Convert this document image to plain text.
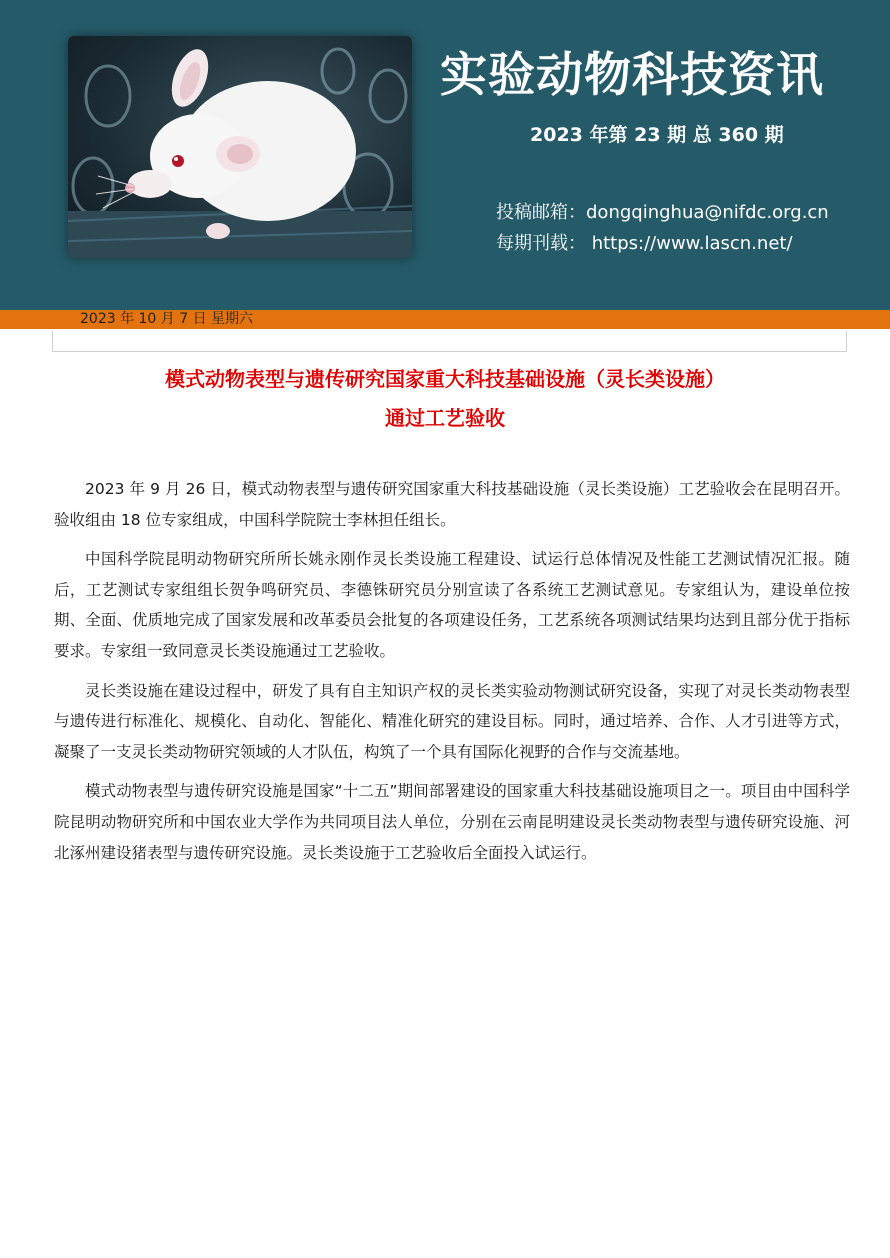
实验动物科技资讯
2023 年第 23 期 总 360 期
投稿邮箱：dongqinghua@nifdc.org.cn
每期刊载： https://www.lascn.net/
2023 年 10 月 7 日 星期六
模式动物表型与遗传研究国家重大科技基础设施（灵长类设施）
通过工艺验收

2023 年 9 月 26 日，模式动物表型与遗传研究国家重大科技基础设施（灵长类设施）工艺验收会在昆明召开。验收组由 18 位专家组成，中国科学院院士李林担任组长。

中国科学院昆明动物研究所所长姚永刚作灵长类设施工程建设、试运行总体情况及性能工艺测试情况汇报。随后，工艺测试专家组组长贺争鸣研究员、李德铢研究员分别宣读了各系统工艺测试意见。专家组认为，建设单位按期、全面、优质地完成了国家发展和改革委员会批复的各项建设任务，工艺系统各项测试结果均达到且部分优于指标要求。专家组一致同意灵长类设施通过工艺验收。

灵长类设施在建设过程中，研发了具有自主知识产权的灵长类实验动物测试研究设备，实现了对灵长类动物表型与遗传进行标准化、规模化、自动化、智能化、精准化研究的建设目标。同时，通过培养、合作、人才引进等方式，凝聚了一支灵长类动物研究领域的人才队伍，构筑了一个具有国际化视野的合作与交流基地。

模式动物表型与遗传研究设施是国家“十二五”期间部署建设的国家重大科技基础设施项目之一。项目由中国科学院昆明动物研究所和中国农业大学作为共同项目法人单位，分别在云南昆明建设灵长类动物表型与遗传研究设施、河北涿州建设猪表型与遗传研究设施。灵长类设施于工艺验收后全面投入试运行。
